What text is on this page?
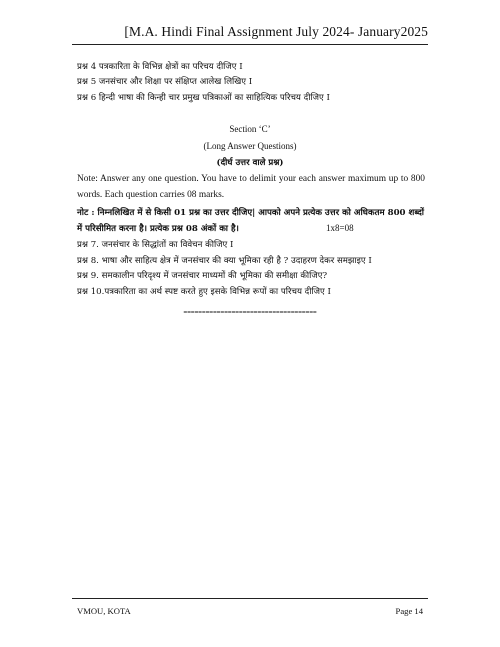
[M.A. Hindi Final Assignment July 2024- January2025
प्रश्न 4 पत्रकारिता के विभिन्न क्षेत्रों का परिचय दीजिए I
प्रश्न 5 जनसंचार और शिक्षा पर संक्षिप्त आलेख लिखिए I
प्रश्न 6 हिन्दी भाषा की किन्ही चार प्रमुख पत्रिकाओं का साहित्यिक परिचय दीजिए I
Section ‘C’
(Long Answer Questions)
(दीर्घ उत्तर वाले प्रश्न)
Note: Answer any one question. You have to delimit your each answer maximum up to 800 words. Each question carries 08 marks.
नोट : निम्नलिखित में से किसी 01 प्रश्न का उत्तर दीजिए| आपको अपने प्रत्येक उत्तर को अधिकतम 800 शब्दों में परिसीमित करना है। प्रत्येक प्रश्न 08 अंकों का है।	1x8=08
प्रश्न 7. जनसंचार के सिद्धांतों का विवेचन कीजिए I
प्रश्न 8. भाषा और साहित्य क्षेत्र में जनसंचार की क्या भूमिका रही है ? उदाहरण देकर समझाइए I
प्रश्न 9. समकालीन परिदृश्य में जनसंचार माध्यमों की भूमिका की समीक्षा कीजिए?
प्रश्न 10.पत्रकारिता का अर्थ स्पष्ट करते हुए इसके विभिन्न रूपों का परिचय दीजिए I
====================================
VMOU, KOTA	Page 14
